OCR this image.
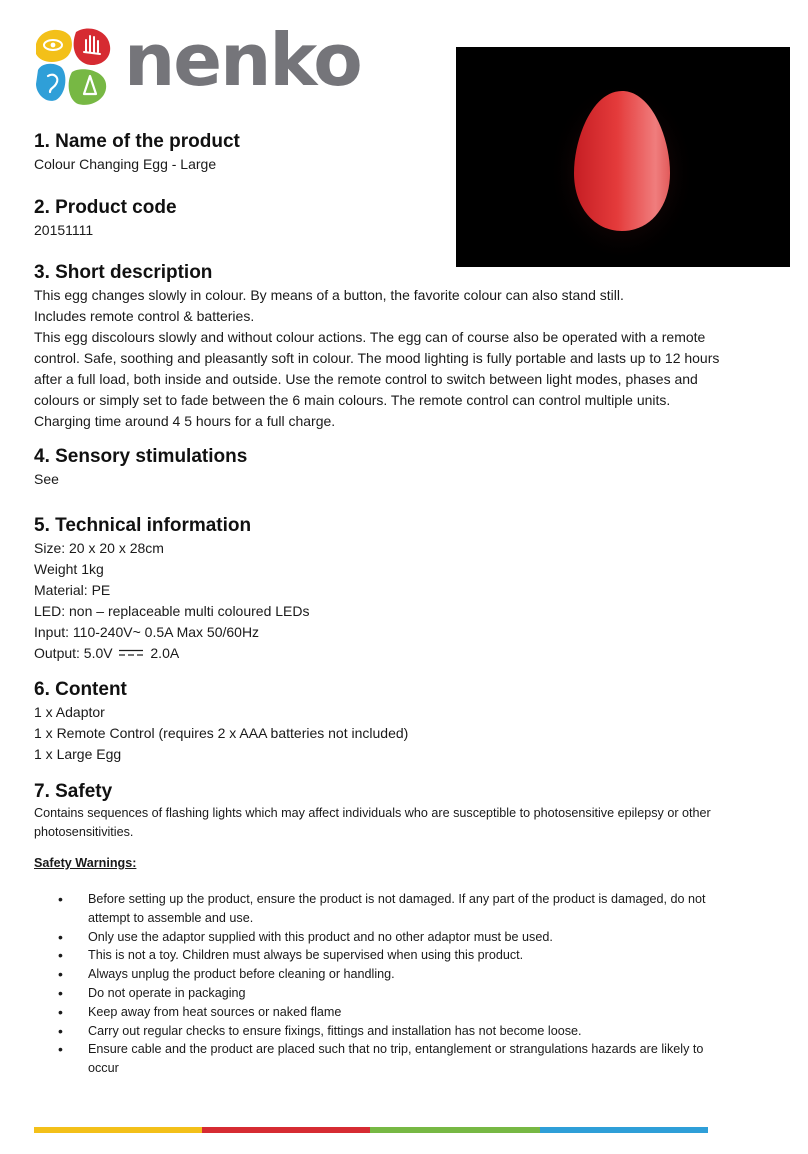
nenko
1. Name of the product

Colour Changing Egg - Large

2. Product code

20151111

3. Short description

This egg changes slowly in colour. By means of a button, the favorite colour can also stand still.

Includes remote control & batteries.

This egg discolours slowly and without colour actions. The egg can of course also be operated with a remote control. Safe, soothing and pleasantly soft in colour. The mood lighting is fully portable and lasts up to 12 hours after a full load, both inside and outside. Use the remote control to switch between light modes, phases and colours or simply set to fade between the 6 main colours. The remote control can control multiple units. Charging time around 4 5 hours for a full charge.

4. Sensory stimulations

See

5. Technical information

Size: 20 x 20 x 28cm

Weight 1kg

Material: PE

LED: non – replaceable multi coloured LEDs

Input: 110-240V~ 0.5A Max 50/60Hz

Output: 5.0V	2.0A

6. Content

1 x Adaptor

1 x Remote Control (requires 2 x AAA batteries not included)

1 x Large Egg

7. Safety

Contains sequences of flashing lights which may affect individuals who are susceptible to photosensitive epilepsy or other photosensitivities.

Safety Warnings:

• Before setting up the product, ensure the product is not damaged. If any part of the product is damaged, do not attempt to assemble and use.
• Only use the adaptor supplied with this product and no other adaptor must be used.
• This is not a toy. Children must always be supervised when using this product.
• Always unplug the product before cleaning or handling.
• Do not operate in packaging
• Keep away from heat sources or naked flame
• Carry out regular checks to ensure fixings, fittings and installation has not become loose.
• Ensure cable and the product are placed such that no trip, entanglement or strangulations hazards are likely to occur
